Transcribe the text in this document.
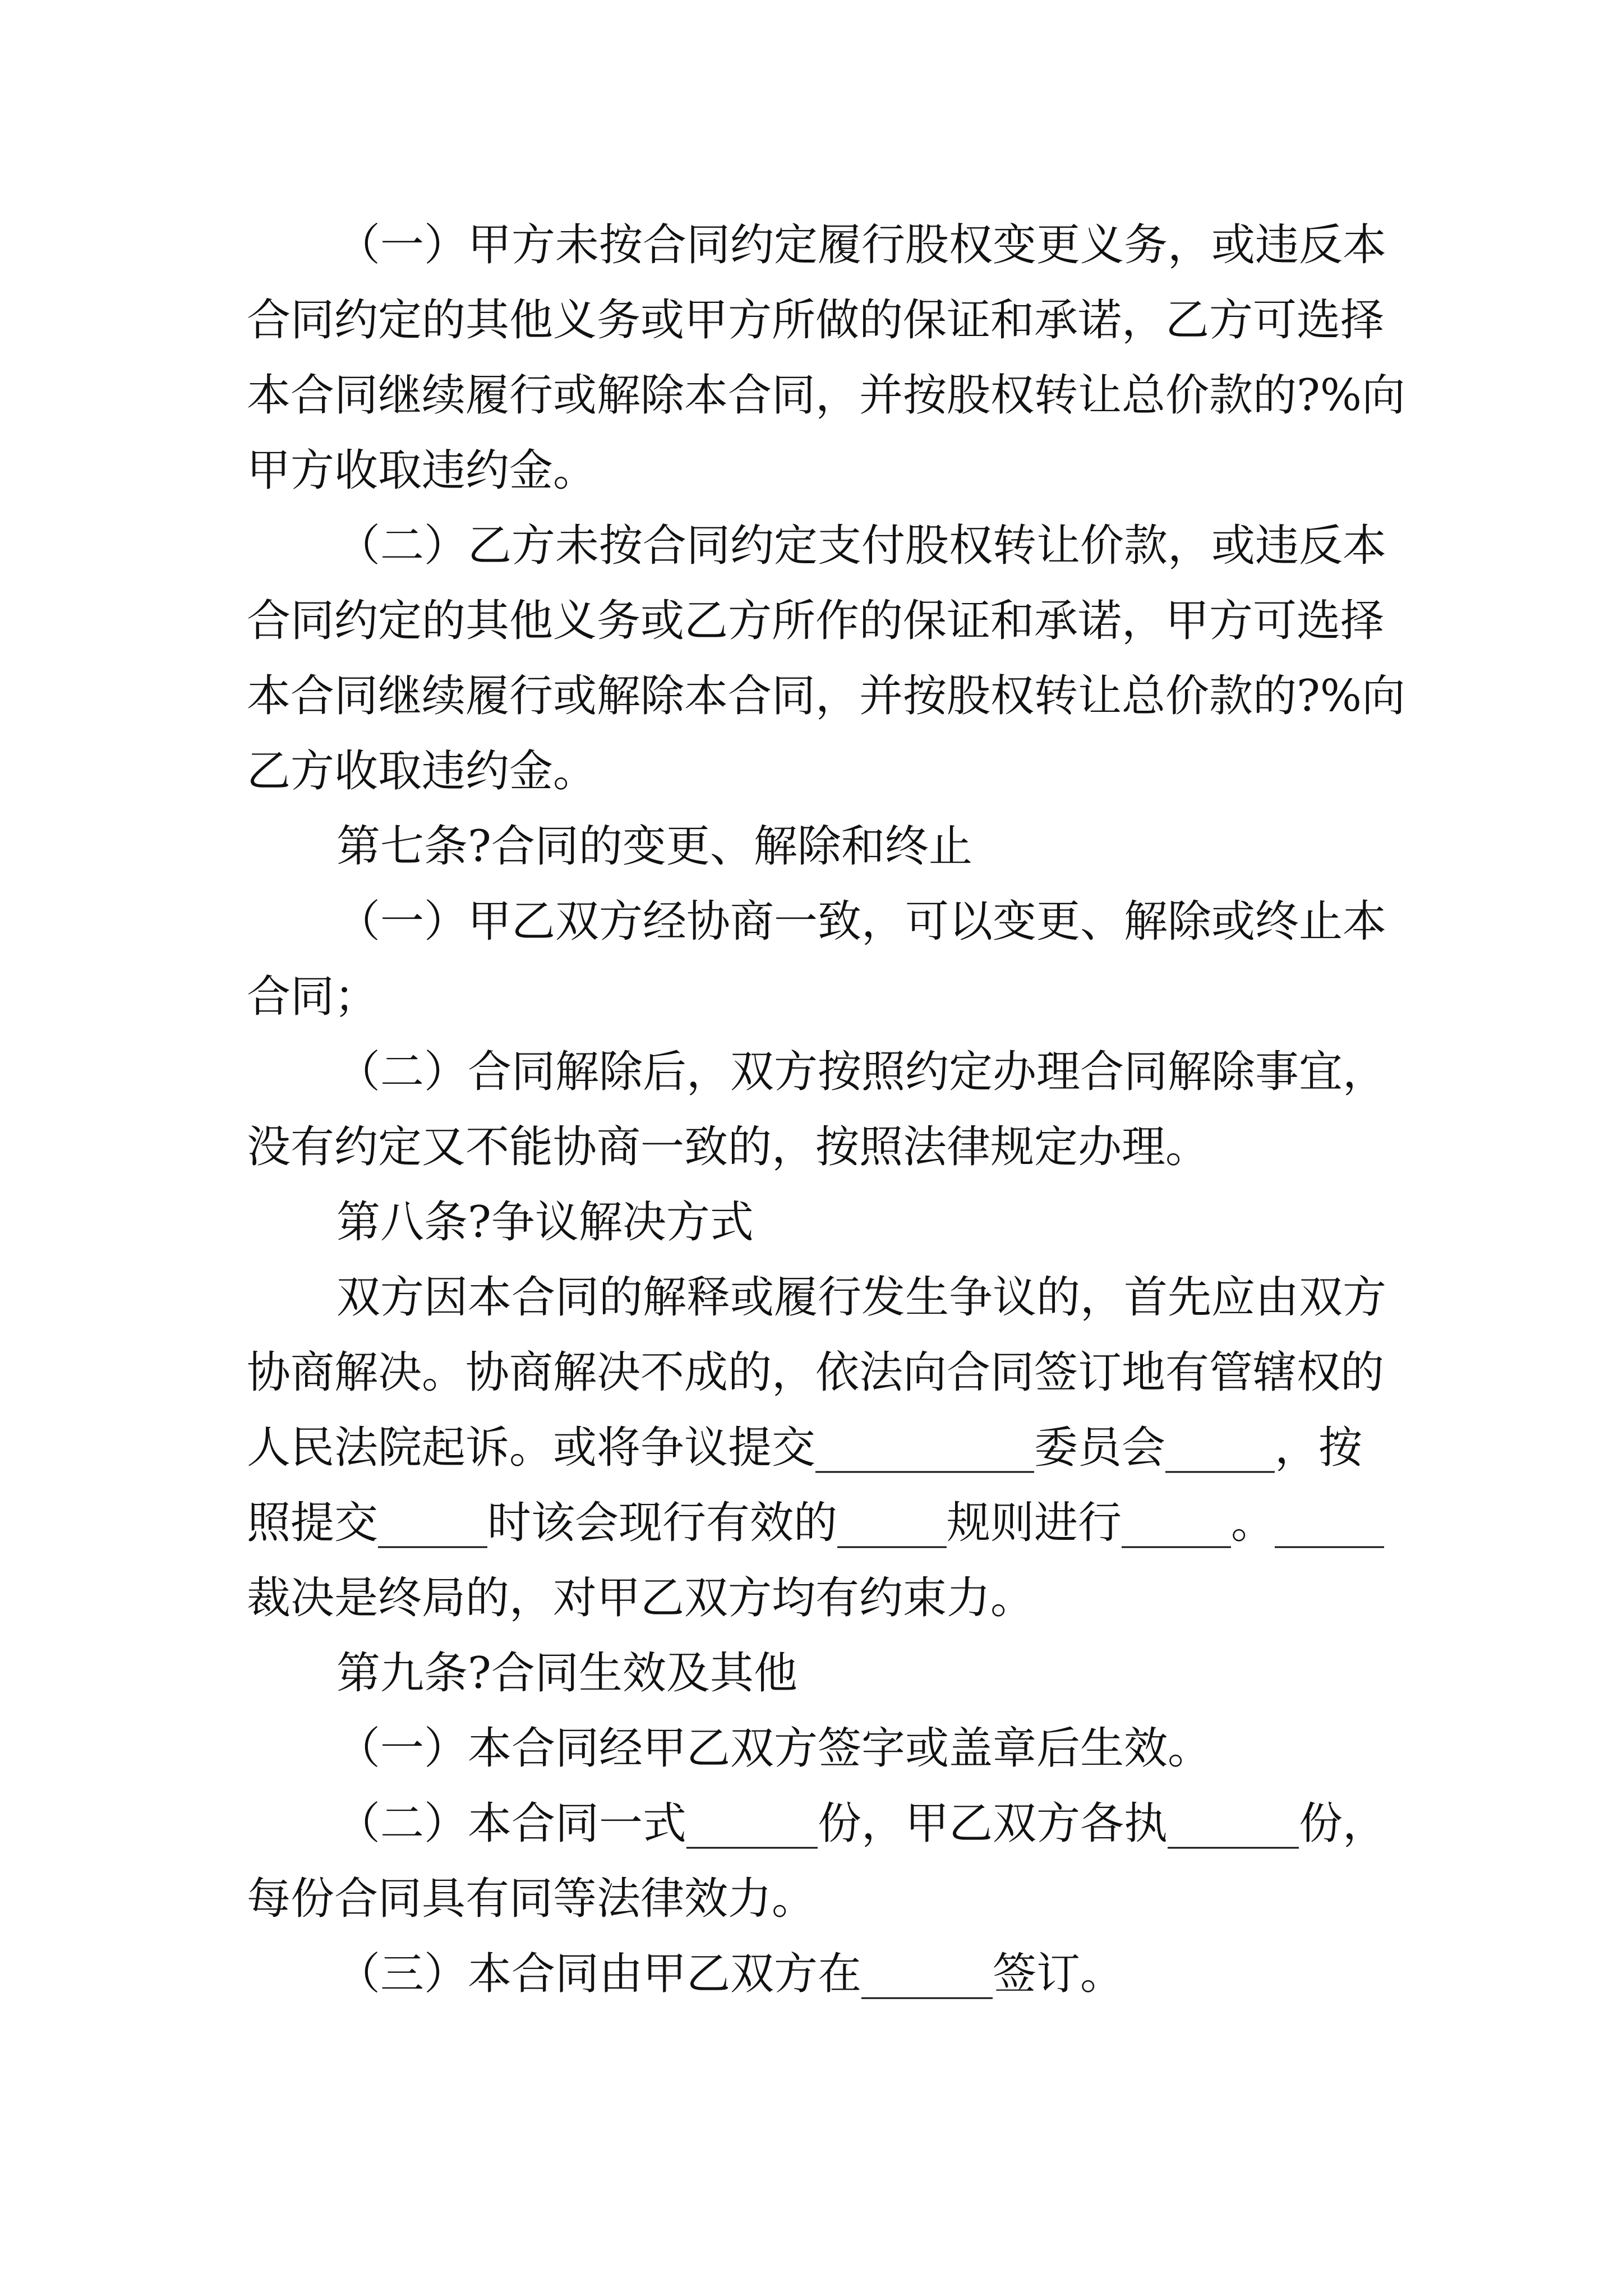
（一）甲方未按合同约定履行股权变更义务，或违反本
合同约定的其他义务或甲方所做的保证和承诺，乙方可选择
本合同继续履行或解除本合同，并按股权转让总价款的?%向
甲方收取违约金。
（二）乙方未按合同约定支付股权转让价款，或违反本
合同约定的其他义务或乙方所作的保证和承诺，甲方可选择
本合同继续履行或解除本合同，并按股权转让总价款的?%向
乙方收取违约金。
第七条?合同的变更、解除和终止
（一）甲乙双方经协商一致，可以变更、解除或终止本
合同；
（二）合同解除后，双方按照约定办理合同解除事宜，
没有约定又不能协商一致的，按照法律规定办理。
第八条?争议解决方式
双方因本合同的解释或履行发生争议的，首先应由双方
协商解决。协商解决不成的，依法向合同签订地有管辖权的
人民法院起诉。或将争议提交__________委员会_____，按
照提交_____时该会现行有效的_____规则进行_____。_____
裁决是终局的，对甲乙双方均有约束力。
第九条?合同生效及其他
（一）本合同经甲乙双方签字或盖章后生效。
（二）本合同一式______份，甲乙双方各执______份，
每份合同具有同等法律效力。
（三）本合同由甲乙双方在______签订。
